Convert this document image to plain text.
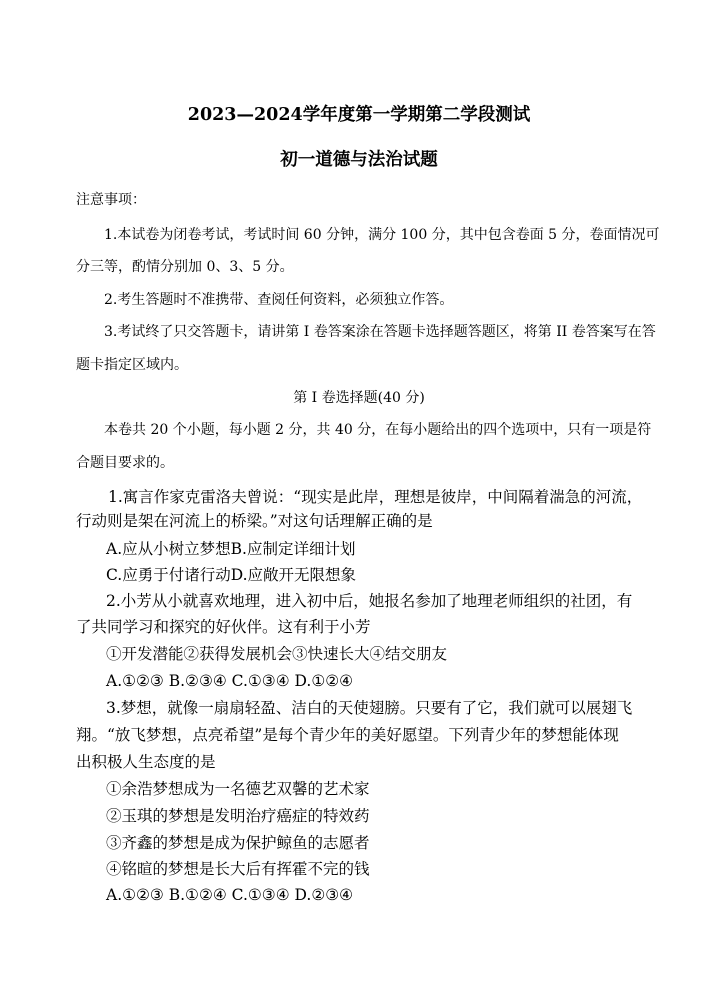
2023—2024学年度第一学期第二学段测试
初一道德与法治试题
注意事项：
1.本试卷为闭卷考试，考试时间 60 分钟，满分 100 分，其中包含卷面 5 分，卷面情况可
分三等，酌情分别加 0、3、5 分。
2.考生答题时不准携带、查阅任何资料，必须独立作答。
3.考试终了只交答题卡，请讲第 I 卷答案涂在答题卡选择题答题区，将第 II 卷答案写在答
题卡指定区域内。
第 I 卷选择题(40 分)
本卷共 20 个小题，每小题 2 分，共 40 分，在每小题给出的四个选项中，只有一项是符
合题目要求的。
1.寓言作家克雷洛夫曾说：“现实是此岸，理想是彼岸，中间隔着湍急的河流，
行动则是架在河流上的桥梁。”对这句话理解正确的是
A.应从小树立梦想B.应制定详细计划
C.应勇于付诸行动D.应敞开无限想象
2.小芳从小就喜欢地理，进入初中后，她报名参加了地理老师组织的社团，有
了共同学习和探究的好伙伴。这有利于小芳
①开发潜能②获得发展机会③快速长大④结交朋友
A.①②③ B.②③④ C.①③④ D.①②④
3.梦想，就像一扇扇轻盈、洁白的天使翅膀。只要有了它，我们就可以展翅飞
翔。“放飞梦想，点亮希望”是每个青少年的美好愿望。下列青少年的梦想能体现
出积极人生态度的是
①余浩梦想成为一名德艺双馨的艺术家
②玉琪的梦想是发明治疗癌症的特效药
③齐鑫的梦想是成为保护鲸鱼的志愿者
④铭暄的梦想是长大后有挥霍不完的钱
A.①②③ B.①②④ C.①③④ D.②③④
